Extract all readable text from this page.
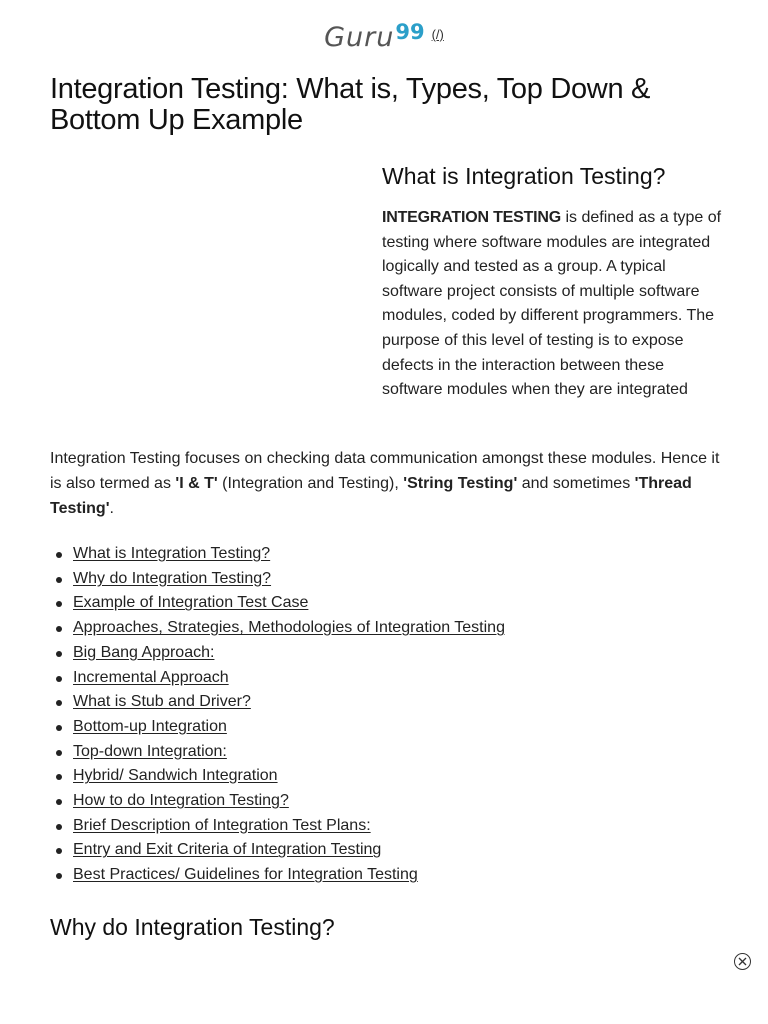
Guru 99 (/)
Integration Testing: What is, Types, Top Down & Bottom Up Example
What is Integration Testing?

INTEGRATION TESTING is defined as a type of testing where software modules are integrated logically and tested as a group. A typical software project consists of multiple software modules, coded by different programmers. The purpose of this level of testing is to expose defects in the interaction between these software modules when they are integrated

Integration Testing focuses on checking data communication amongst these modules. Hence it is also termed as 'I & T' (Integration and Testing), 'String Testing' and sometimes 'Thread Testing'.

What is Integration Testing?
Why do Integration Testing?
Example of Integration Test Case
Approaches, Strategies, Methodologies of Integration Testing
Big Bang Approach:
Incremental Approach
What is Stub and Driver?
Bottom-up Integration
Top-down Integration:
Hybrid/ Sandwich Integration
How to do Integration Testing?
Brief Description of Integration Test Plans:
Entry and Exit Criteria of Integration Testing
Best Practices/ Guidelines for Integration Testing
Why do Integration Testing?
